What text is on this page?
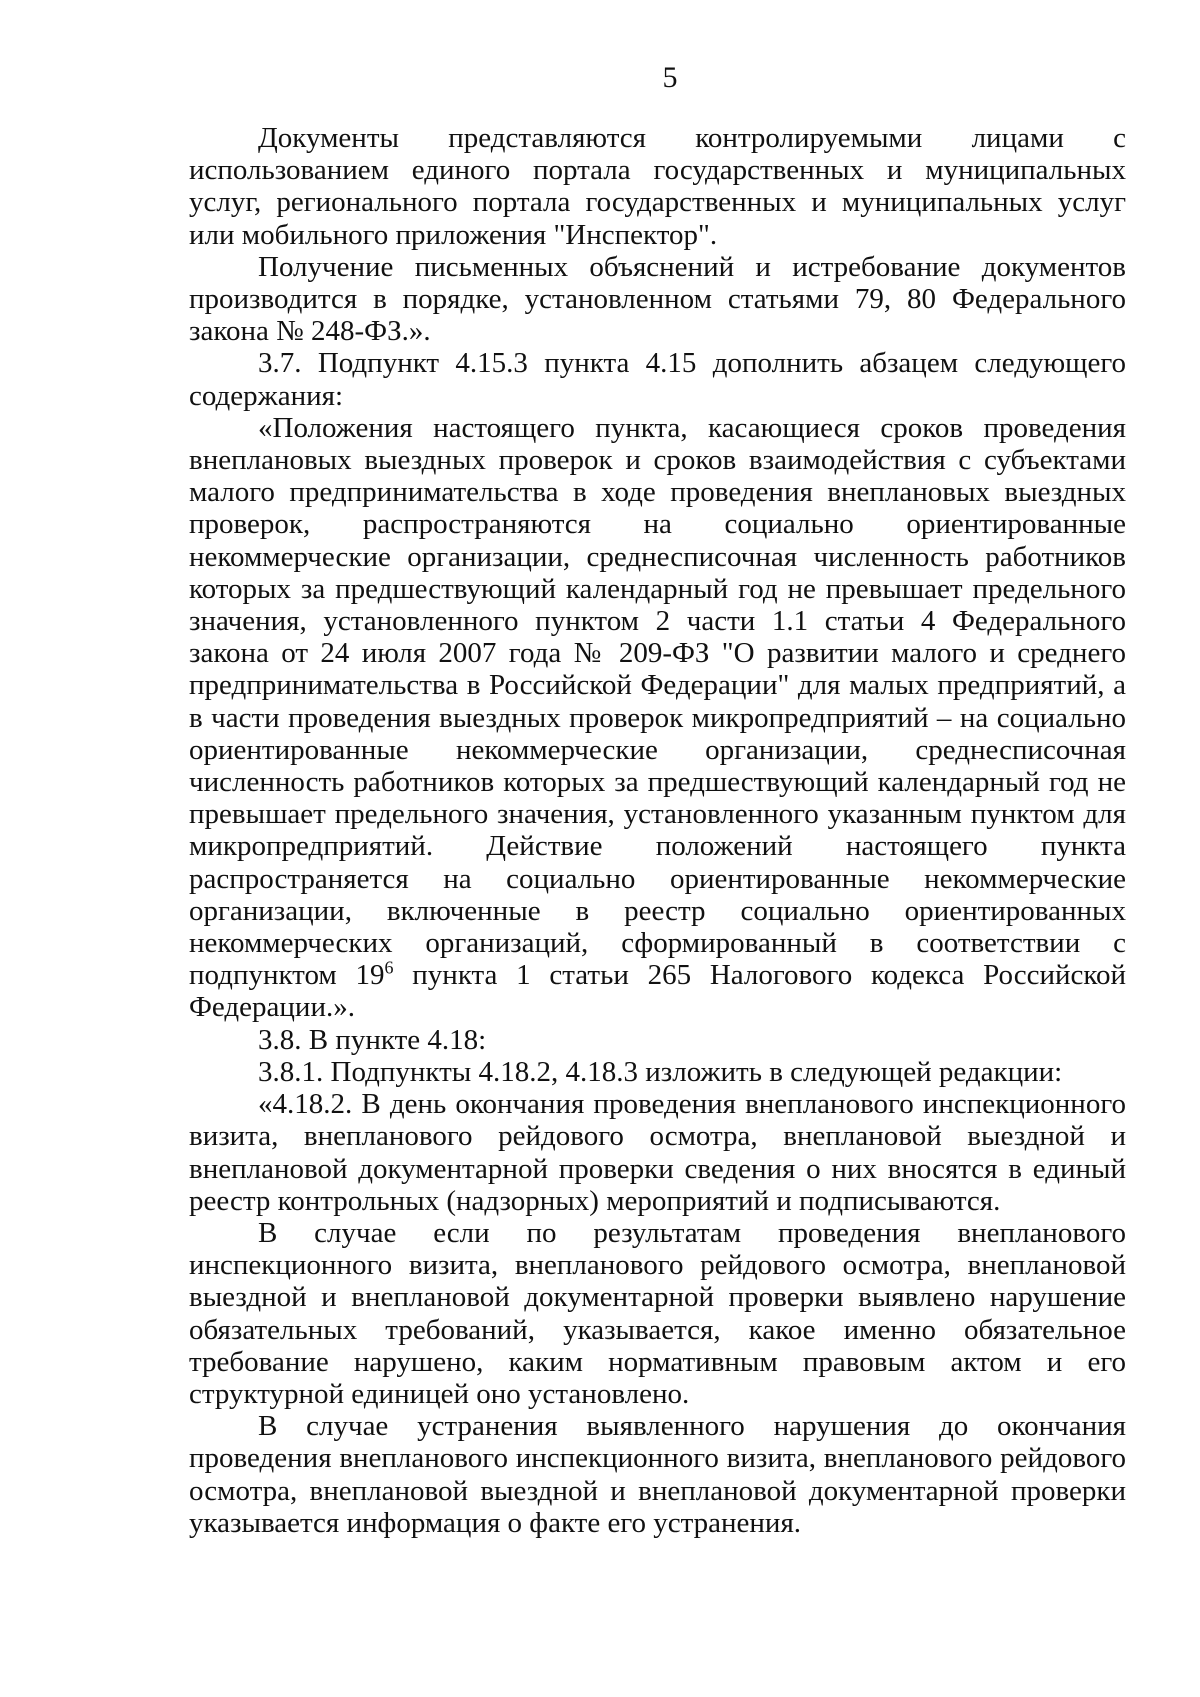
5

Документы представляются контролируемыми лицами с использованием единого портала государственных и муниципальных услуг, регионального портала государственных и муниципальных услуг или мобильного приложения "Инспектор".

Получение письменных объяснений и истребование документов производится в порядке, установленном статьями 79, 80 Федерального закона № 248-ФЗ.».

3.7. Подпункт 4.15.3 пункта 4.15 дополнить абзацем следующего содержания:

«Положения настоящего пункта, касающиеся сроков проведения внеплановых выездных проверок и сроков взаимодействия с субъектами малого предпринимательства в ходе проведения внеплановых выездных проверок, распространяются на социально ориентированные некоммерческие организации, среднесписочная численность работников которых за предшествующий календарный год не превышает предельного значения, установленного пунктом 2 части 1.1 статьи 4 Федерального закона от 24 июля 2007 года № 209-ФЗ "О развитии малого и среднего предпринимательства в Российской Федерации" для малых предприятий, а в части проведения выездных проверок микропредприятий – на социально ориентированные некоммерческие организации, среднесписочная численность работников которых за предшествующий календарный год не превышает предельного значения, установленного указанным пунктом для микропредприятий. Действие положений настоящего пункта распространяется на социально ориентированные некоммерческие организации, включенные в реестр социально ориентированных некоммерческих организаций, сформированный в соответствии с подпунктом $19^6$ пункта 1 статьи 265 Налогового кодекса Российской Федерации.».

3.8. В пункте 4.18:

3.8.1. Подпункты 4.18.2, 4.18.3 изложить в следующей редакции:

«4.18.2. В день окончания проведения внепланового инспекционного визита, внепланового рейдового осмотра, внеплановой выездной и внеплановой документарной проверки сведения о них вносятся в единый реестр контрольных (надзорных) мероприятий и подписываются.

В случае если по результатам проведения внепланового инспекционного визита, внепланового рейдового осмотра, внеплановой выездной и внеплановой документарной проверки выявлено нарушение обязательных требований, указывается, какое именно обязательное требование нарушено, каким нормативным правовым актом и его структурной единицей оно установлено.

В случае устранения выявленного нарушения до окончания проведения внепланового инспекционного визита, внепланового рейдового осмотра, внеплановой выездной и внеплановой документарной проверки указывается информация о факте его устранения.
